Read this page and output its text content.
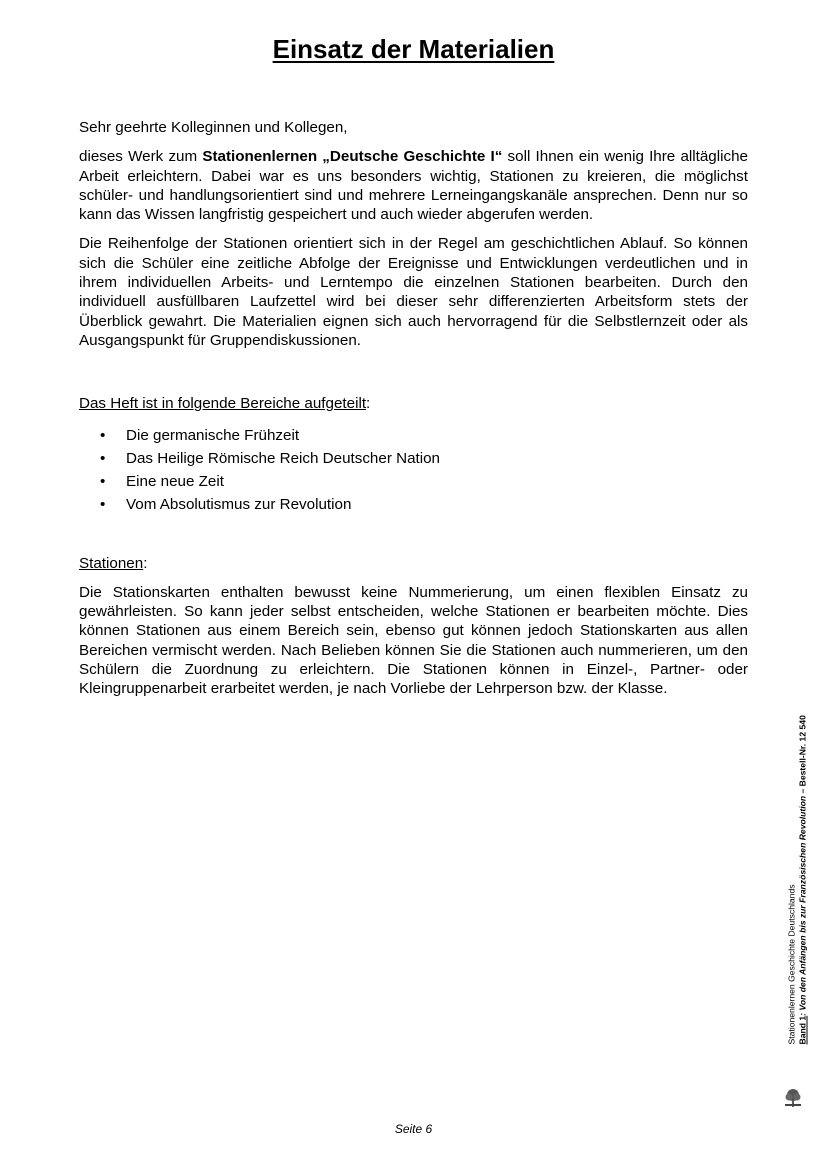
Einsatz der Materialien

Sehr geehrte Kolleginnen und Kollegen,

dieses Werk zum Stationenlernen „Deutsche Geschichte I“ soll Ihnen ein wenig Ihre alltägliche Arbeit erleichtern. Dabei war es uns besonders wichtig, Stationen zu kreieren, die möglichst schüler- und handlungsorientiert sind und mehrere Lerneingangskanäle ansprechen. Denn nur so kann das Wissen langfristig gespeichert und auch wieder abgerufen werden.

Die Reihenfolge der Stationen orientiert sich in der Regel am geschichtlichen Ablauf. So können sich die Schüler eine zeitliche Abfolge der Ereignisse und Entwicklungen verdeutlichen und in ihrem individuellen Arbeits- und Lerntempo die einzelnen Stationen bearbeiten. Durch den individuell ausfüllbaren Laufzettel wird bei dieser sehr differenzierten Arbeitsform stets der Überblick gewahrt. Die Materialien eignen sich auch hervorragend für die Selbstlernzeit oder als Ausgangspunkt für Gruppendiskussionen.

Das Heft ist in folgende Bereiche aufgeteilt:

• Die germanische Frühzeit
• Das Heilige Römische Reich Deutscher Nation
• Eine neue Zeit
• Vom Absolutismus zur Revolution

Stationen:

Die Stationskarten enthalten bewusst keine Nummerierung, um einen flexiblen Einsatz zu gewährleisten. So kann jeder selbst entscheiden, welche Stationen er bearbeiten möchte. Dies können Stationen aus einem Bereich sein, ebenso gut können jedoch Stationskarten aus allen Bereichen vermischt werden. Nach Belieben können Sie die Stationen auch nummerieren, um den Schülern die Zuordnung zu erleichtern. Die Stationen können in Einzel-, Partner- oder Kleingruppenarbeit erarbeitet werden, je nach Vorliebe der Lehrperson bzw. der Klasse.

Stationenlernen Geschichte Deutschlands Band 1: Von den Anfängen bis zur Französischen Revolution – Bestell-Nr. 12 540
Seite 6
